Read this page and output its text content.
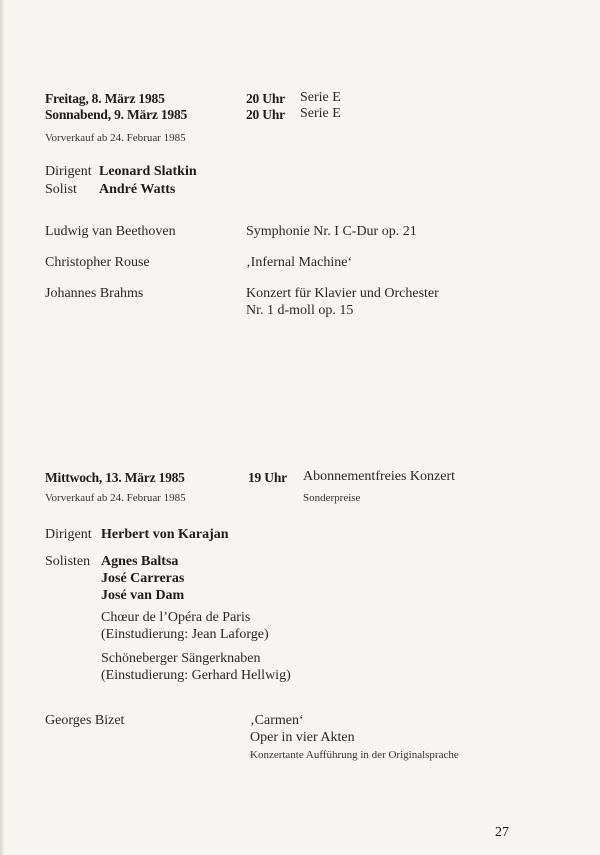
Freitag, 8. März 1985	20 Uhr Serie E
Sonnabend, 9. März 1985	20 Uhr Serie E
Vorverkauf ab 24. Februar 1985
Dirigent Leonard Slatkin
Solist André Watts
Ludwig van Beethoven	Symphonie Nr. I C-Dur op. 21
Christopher Rouse	‚Infernal Machine‘
Johannes Brahms	Konzert für Klavier und Orchester
Nr. 1 d-moll op. 15
Mittwoch, 13. März 1985	19 Uhr Abonnementfreies Konzert
Vorverkauf ab 24. Februar 1985	Sonderpreise
Dirigent Herbert von Karajan
Solisten Agnes Baltsa
José Carreras
José van Dam
Chœur de l’Opéra de Paris
(Einstudierung: Jean Laforge)
Schöneberger Sängerknaben
(Einstudierung: Gerhard Hellwig)
Georges Bizet	‚Carmen‘
Oper in vier Akten
Konzertante Aufführung in der Originalsprache
27
